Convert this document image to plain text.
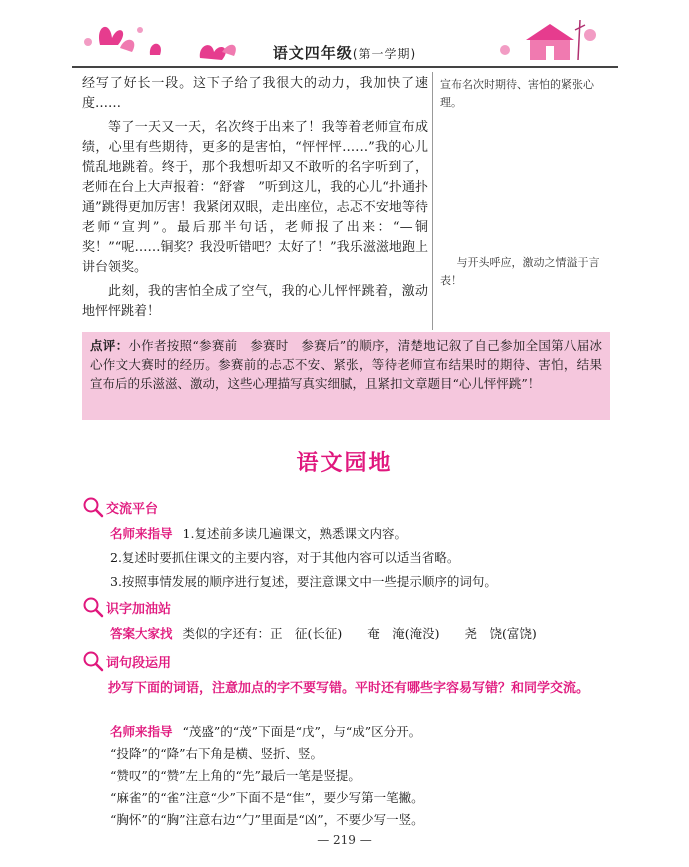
语文四年级(第一学期)

经写了好长一段。这下子给了我很大的动力，我加快了速度……

等了一天又一天，名次终于出来了！我等着老师宣布成绩，心里有些期待，更多的是害怕，“怦怦怦……”我的心儿慌乱地跳着。终于，那个我想听却又不敢听的名字听到了，老师在台上大声报着：“舒睿　”听到这儿，我的心儿“扑通扑通”跳得更加厉害！我紧闭双眼，走出座位，忐忑不安地等待老师“宣判”。最后那半句话，老师报了出来：“—铜奖！”“呢……铜奖？我没听错吧？太好了！”我乐滋滋地跑上讲台领奖。

此刻，我的害怕全成了空气，我的心儿怦怦跳着，激动地怦怦跳着！

宣布名次时期待、害怕的紧张心理。
与开头呼应，激动之情溢于言表！
点评：小作者按照“参赛前　参赛时　参赛后”的顺序，清楚地记叙了自己参加全国第八届冰心作文大赛时的经历。参赛前的忐忑不安、紧张，等待老师宣布结果时的期待、害怕，结果宣布后的乐滋滋、激动，这些心理描写真实细腻，且紧扣文章题目“心儿怦怦跳”！
语文园地
交流平台
名师来指导 1.复述前多读几遍课文，熟悉课文内容。
2.复述时要抓住课文的主要内容，对于其他内容可以适当省略。
3.按照事情发展的顺序进行复述，要注意课文中一些提示顺序的词句。
识字加油站
答案大家找 类似的字还有：正　征(长征)　　奄　淹(淹没)　　尧　饶(富饶)
词句段运用
抄写下面的词语，注意加点的字不要写错。平时还有哪些字容易写错？和同学交流。
名师来指导 “茂盛”的“茂”下面是“戊”，与“成”区分开。
“投降”的“降”右下角是横、竖折、竖。
“赞叹”的“赞”左上角的“先”最后一笔是竖提。
“麻雀”的“雀”注意“少”下面不是“隹”，要少写第一笔撇。
“胸怀”的“胸”注意右边“勹”里面是“凶”，不要少写一竖。
— 219 —
